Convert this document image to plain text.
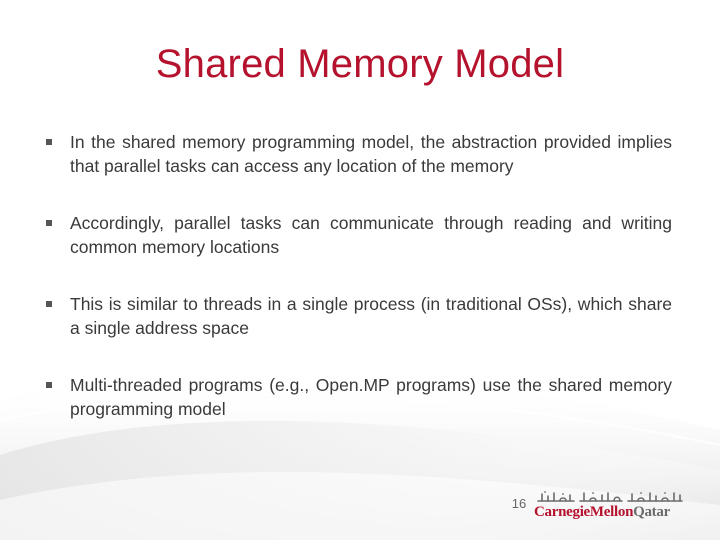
Shared Memory Model
In the shared memory programming model, the abstraction provided implies that parallel tasks can access any location of the memory
Accordingly, parallel tasks can communicate through reading and writing common memory locations
This is similar to threads in a single process (in traditional OSs), which share a single address space
Multi-threaded programs (e.g., Open.MP programs) use the shared memory programming model
16
CarnegieMellonQatar
